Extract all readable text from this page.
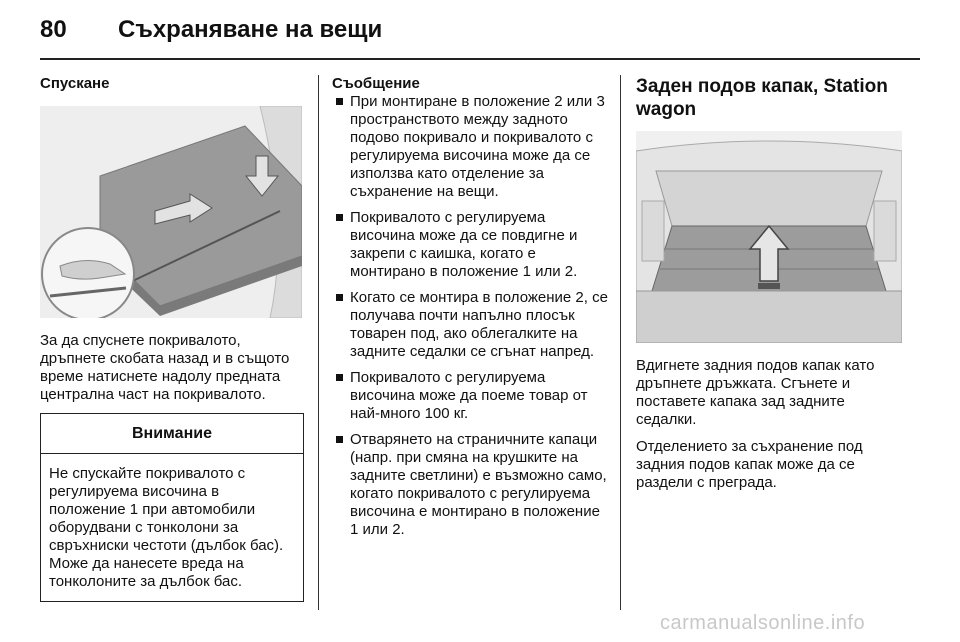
80 Съхраняване на вещи
Спускане

За да спуснете покривалото, дръпнете скобата назад и в същото време натиснете надолу предната централна част на покривалото.

Внимание
Не спускайте покривалото с регулируема височина в положение 1 при автомобили оборудвани с тонколони за свръхниски честоти (дълбок бас). Може да нанесете вреда на тонколоните за дълбок бас.
Съобщение
При монтиране в положение 2 или 3 пространството между задното подово покривало и покривалото с регулируема височина може да се използва като отделение за съхранение на вещи.
Покривалото с регулируема височина може да се повдигне и закрепи с каишка, когато е монтирано в положение 1 или 2.
Когато се монтира в положение 2, се получава почти напълно плосък товарен под, ако облегалките на задните седалки се сгънат напред.
Покривалото с регулируема височина може да поеме товар от най-много 100 кг.
Отварянето на страничните капаци (напр. при смяна на крушките на задните светлини) е възможно само, когато покривалото с регулируема височина е монтирано в положение 1 или 2.
Заден подов капак, Station wagon

Вдигнете задния подов капак като дръпнете дръжката. Сгънете и поставете капака зад задните седалки.

Отделението за съхранение под задния подов капак може да се раздели с преграда.

carmanualsonline.info
